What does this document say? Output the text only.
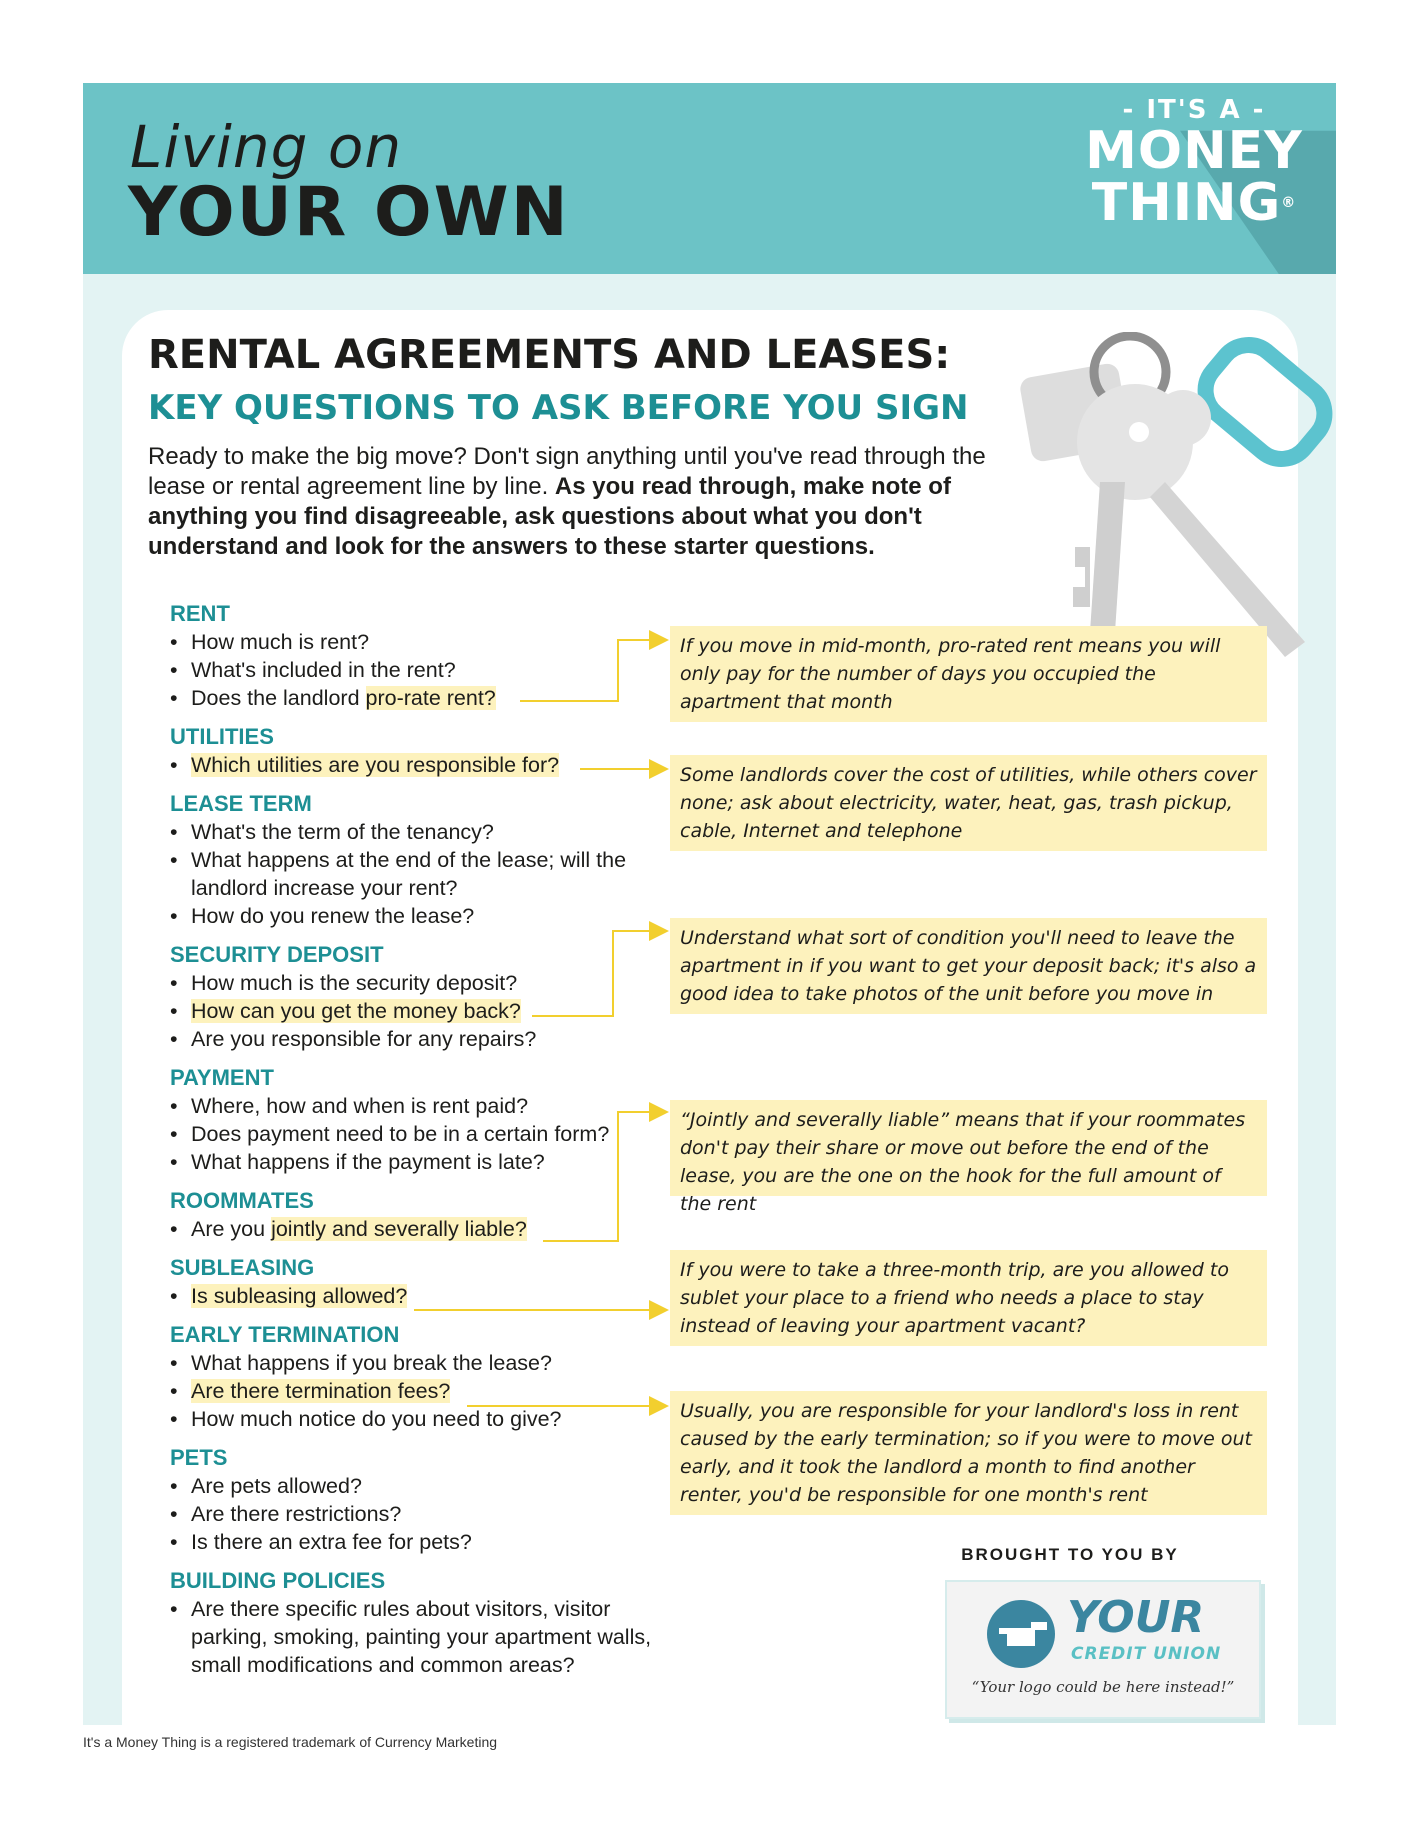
Living on
YOUR OWN
- IT'S A -
MONEY
THING®
RENTAL AGREEMENTS AND LEASES:
KEY QUESTIONS TO ASK BEFORE YOU SIGN
Ready to make the big move? Don't sign anything until you've read through the lease or rental agreement line by line. As you read through, make note of anything you find disagreeable, ask questions about what you don't understand and look for the answers to these starter questions.
RENT
• How much is rent?
• What's included in the rent?
• Does the landlord pro-rate rent?
UTILITIES
• Which utilities are you responsible for?
LEASE TERM
• What's the term of the tenancy?
• What happens at the end of the lease; will the landlord increase your rent?
• How do you renew the lease?
SECURITY DEPOSIT
• How much is the security deposit?
• How can you get the money back?
• Are you responsible for any repairs?
PAYMENT
• Where, how and when is rent paid?
• Does payment need to be in a certain form?
• What happens if the payment is late?
ROOMMATES
• Are you jointly and severally liable?
SUBLEASING
• Is subleasing allowed?
EARLY TERMINATION
• What happens if you break the lease?
• Are there termination fees?
• How much notice do you need to give?
PETS
• Are pets allowed?
• Are there restrictions?
• Is there an extra fee for pets?
BUILDING POLICIES
• Are there specific rules about visitors, visitor parking, smoking, painting your apartment walls, small modifications and common areas?
If you move in mid-month, pro-rated rent means you will only pay for the number of days you occupied the apartment that month
Some landlords cover the cost of utilities, while others cover none; ask about electricity, water, heat, gas, trash pickup, cable, Internet and telephone
Understand what sort of condition you'll need to leave the apartment in if you want to get your deposit back; it's also a good idea to take photos of the unit before you move in
“Jointly and severally liable” means that if your roommates don't pay their share or move out before the end of the lease, you are the one on the hook for the full amount of the rent
If you were to take a three-month trip, are you allowed to sublet your place to a friend who needs a place to stay instead of leaving your apartment vacant?
Usually, you are responsible for your landlord's loss in rent caused by the early termination; so if you were to move out early, and it took the landlord a month to find another renter, you'd be responsible for one month's rent
BROUGHT TO YOU BY
YOUR
CREDIT UNION
“Your logo could be here instead!”
It's a Money Thing is a registered trademark of Currency Marketing
